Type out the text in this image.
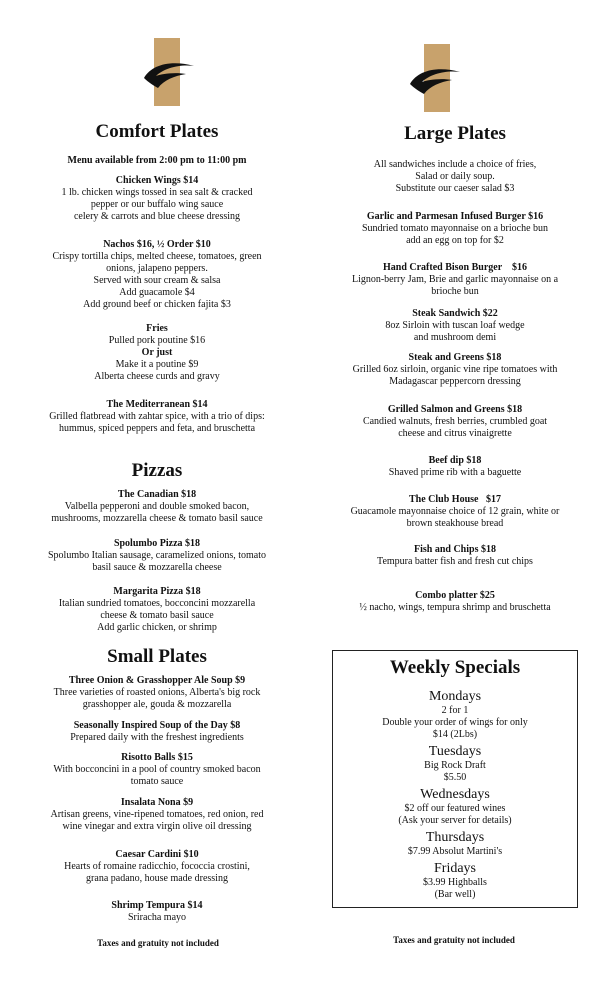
Comfort Plates
Menu available from 2:00 pm to 11:00 pm
Chicken Wings $14
1 lb. chicken wings tossed in sea salt & cracked
pepper or our buffalo wing sauce
celery & carrots and blue cheese dressing
Nachos $16, ½ Order $10
Crispy tortilla chips, melted cheese, tomatoes, green
onions, jalapeno peppers.
Served with sour cream & salsa
Add guacamole $4
Add ground beef or chicken fajita $3
Fries
Pulled pork poutine $16
Or just
Make it a poutine $9
Alberta cheese curds and gravy
The Mediterranean $14
Grilled flatbread with zahtar spice, with a trio of dips:
hummus, spiced peppers and feta, and bruschetta
Pizzas
The Canadian $18
Valbella pepperoni and double smoked bacon,
mushrooms, mozzarella cheese & tomato basil sauce
Spolumbo Pizza $18
Spolumbo Italian sausage, caramelized onions, tomato
basil sauce & mozzarella cheese
Margarita Pizza $18
Italian sundried tomatoes, bocconcini mozzarella
cheese & tomato basil sauce
Add garlic chicken, or shrimp
Small Plates
Three Onion & Grasshopper Ale Soup $9
Three varieties of roasted onions, Alberta's big rock
grasshopper ale, gouda & mozzarella
Seasonally Inspired Soup of the Day $8
Prepared daily with the freshest ingredients
Risotto Balls $15
With bocconcini in a pool of country smoked bacon
tomato sauce
Insalata Nona $9
Artisan greens, vine-ripened tomatoes, red onion, red
wine vinegar and extra virgin olive oil dressing
Caesar Cardini $10
Hearts of romaine radicchio, fococcia crostini,
grana padano, house made dressing
Shrimp Tempura $14
Sriracha mayo
Taxes and gratuity not included
Large Plates
All sandwiches include a choice of fries,
Salad or daily soup.
Substitute our caeser salad $3
Garlic and Parmesan Infused Burger $16
Sundried tomato mayonnaise on a brioche bun
add an egg on top for $2
Hand Crafted Bison Burger    $16
Lignon-berry Jam, Brie and garlic mayonnaise on a
brioche bun
Steak Sandwich $22
8oz Sirloin with tuscan loaf wedge
and mushroom demi
Steak and Greens $18
Grilled 6oz sirloin, organic vine ripe tomatoes with
Madagascar peppercorn dressing
Grilled Salmon and Greens $18
Candied walnuts, fresh berries, crumbled goat
cheese and citrus vinaigrette
Beef dip $18
Shaved prime rib with a baguette
The Club House   $17
Guacamole mayonnaise choice of 12 grain, white or
brown steakhouse bread
Fish and Chips $18
Tempura batter fish and fresh cut chips
Combo platter $25
½ nacho, wings, tempura shrimp and bruschetta
Weekly Specials
Mondays
2 for 1
Double your order of wings for only
$14 (2Lbs)
Tuesdays
Big Rock Draft
$5.50
Wednesdays
$2 off our featured wines
(Ask your server for details)
Thursdays
$7.99 Absolut Martini's
Fridays
$3.99 Highballs
(Bar well)
Taxes and gratuity not included
